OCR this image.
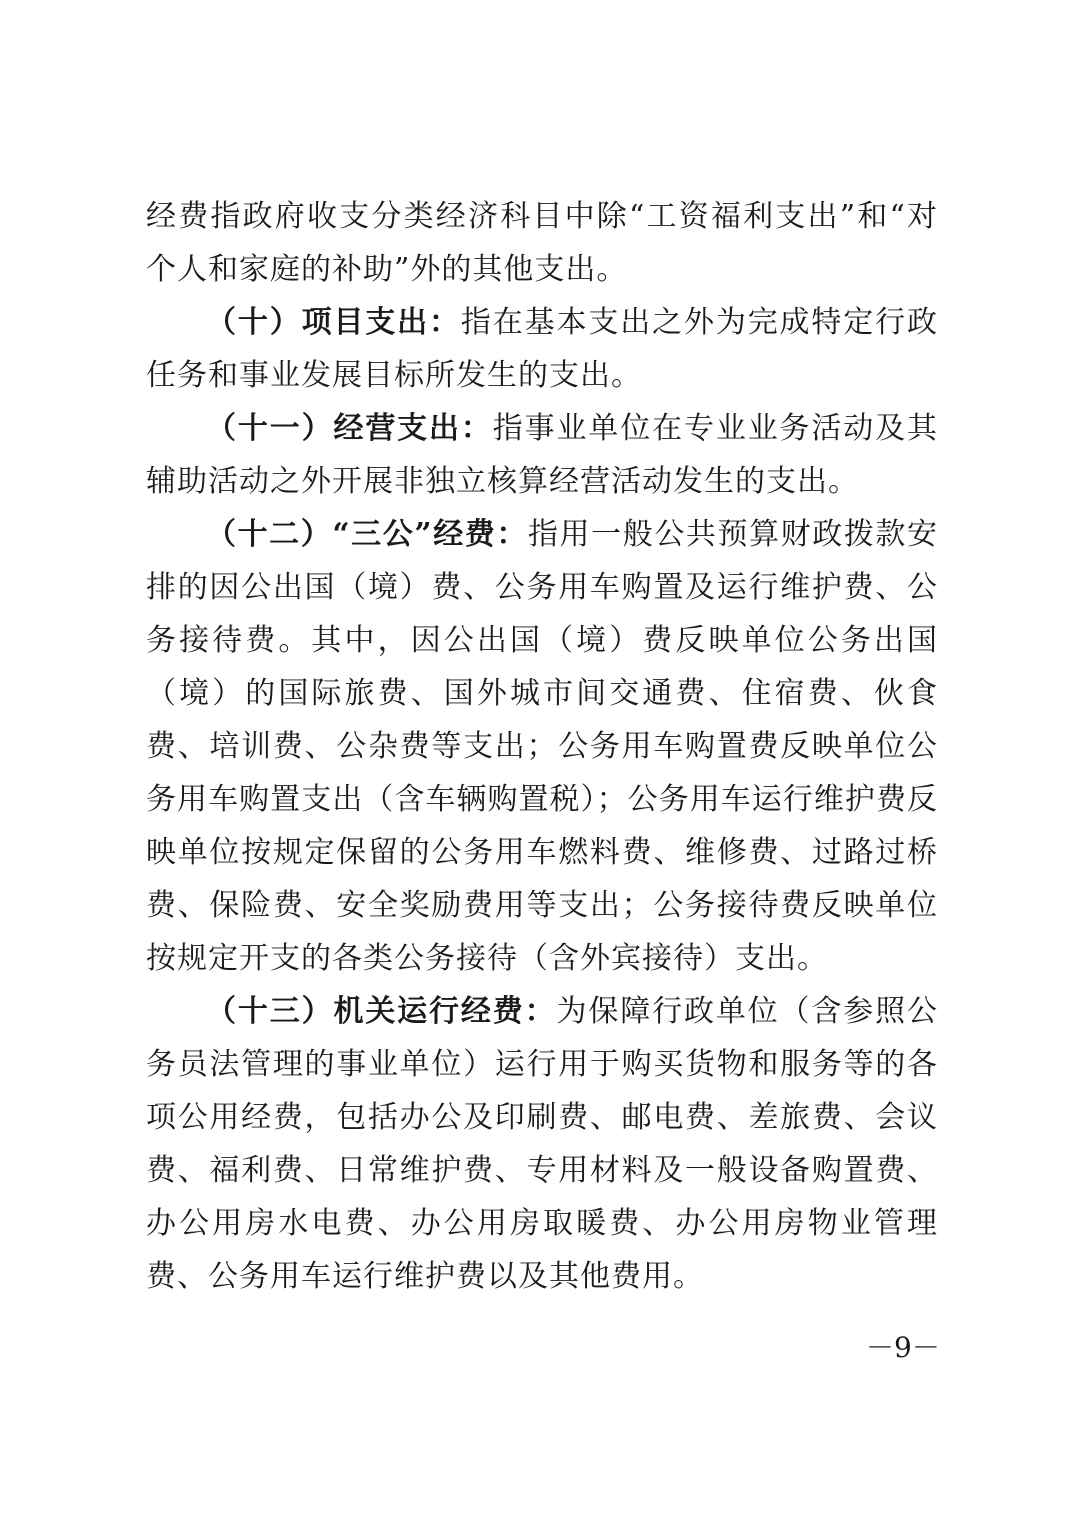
经费指政府收支分类经济科目中除“工资福利支出”和“对个人和家庭的补助”外的其他支出。

（十）项目支出：指在基本支出之外为完成特定行政任务和事业发展目标所发生的支出。

（十一）经营支出：指事业单位在专业业务活动及其辅助活动之外开展非独立核算经营活动发生的支出。

（十二）“三公”经费：指用一般公共预算财政拨款安排的因公出国（境）费、公务用车购置及运行维护费、公务接待费。其中，因公出国（境）费反映单位公务出国（境）的国际旅费、国外城市间交通费、住宿费、伙食费、培训费、公杂费等支出；公务用车购置费反映单位公务用车购置支出（含车辆购置税）；公务用车运行维护费反映单位按规定保留的公务用车燃料费、维修费、过路过桥费、保险费、安全奖励费用等支出；公务接待费反映单位按规定开支的各类公务接待（含外宾接待）支出。

（十三）机关运行经费：为保障行政单位（含参照公务员法管理的事业单位）运行用于购买货物和服务等的各项公用经费，包括办公及印刷费、邮电费、差旅费、会议费、福利费、日常维护费、专用材料及一般设备购置费、办公用房水电费、办公用房取暖费、办公用房物业管理费、公务用车运行维护费以及其他费用。

－9－
